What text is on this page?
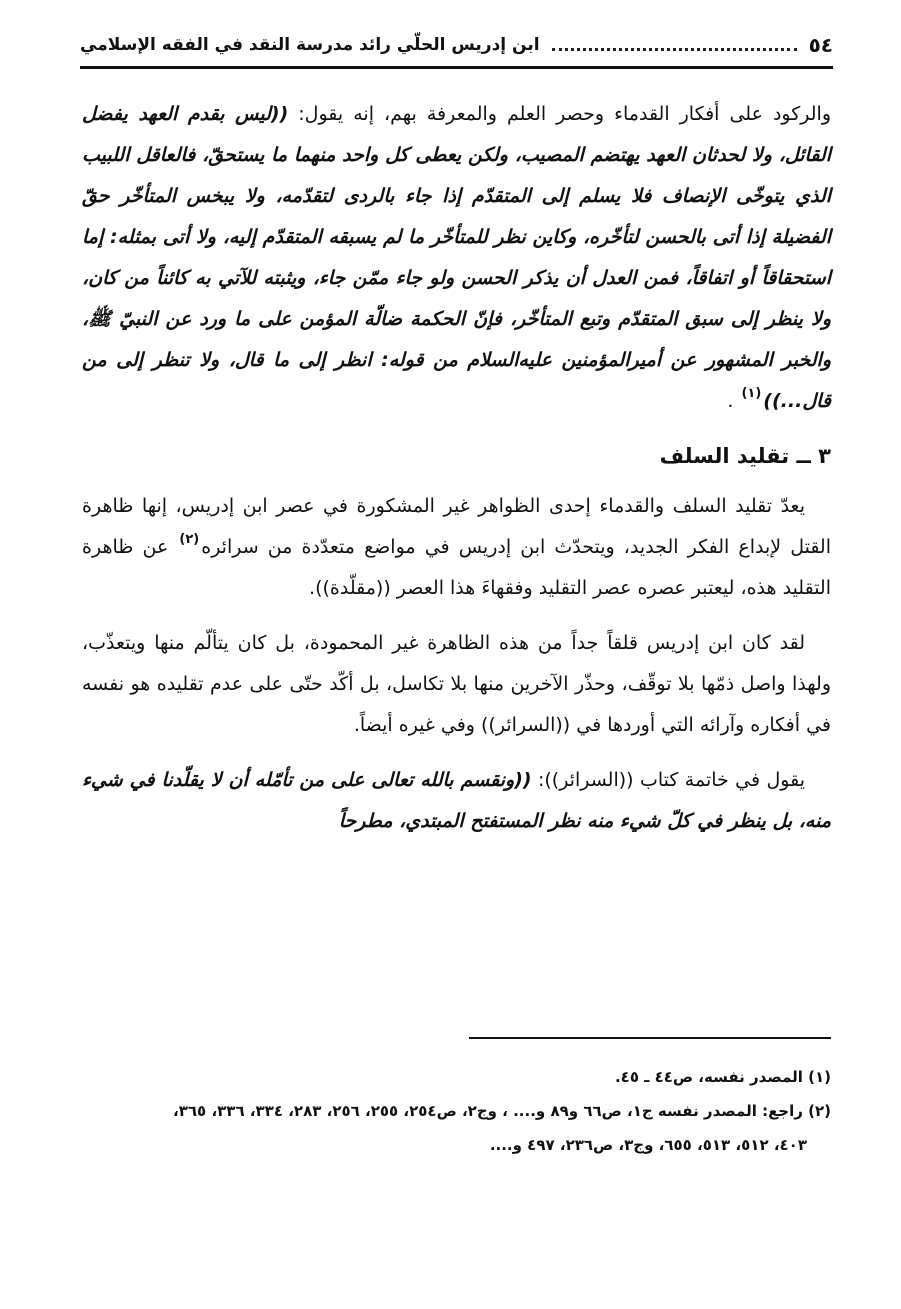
٥٤
ابن إدريس الحلّي رائد مدرسة النقد في الفقه الإسلامي

والركود على أفكار القدماء وحصر العلم والمعرفة بهم، إنه يقول: ((ليس بقدم العهد يفضل القائل، ولا لحدثان العهد يهتضم المصيب، ولكن يعطى كل واحد منهما ما يستحقّ، فالعاقل اللبيب الذي يتوخّى الإنصاف فلا يسلم إلى المتقدّم إذا جاء بالردى لتقدّمه، ولا يبخس المتأخّر حقّ الفضيلة إذا أتى بالحسن لتأخّره، وكاين نظر للمتأخّر ما لم يسبقه المتقدّم إليه، ولا أتى بمثله: إما استحقاقاً أو اتفاقاً، فمن العدل أن يذكر الحسن ولو جاء ممّن جاء، ويثبته للآتي به كائناً من كان، ولا ينظر إلى سبق المتقدّم وتبع المتأخّر، فإنّ الحكمة ضالّة المؤمن على ما ورد عن النبيّ ﷺ، والخبر المشهور عن أميرالمؤمنين عليه‌السلام من قوله: انظر إلى ما قال، ولا تنظر إلى من قال...))$^{(١)}$ .

٣ ــ تقليد السلف

يعدّ تقليد السلف والقدماء إحدى الظواهر غير المشكورة في عصر ابن إدريس، إنها ظاهرة القتل لإبداع الفكر الجديد، ويتحدّث ابن إدريس في مواضع متعدّدة من سرائره$^{(٢)}$ عن ظاهرة التقليد هذه، ليعتبر عصره عصر التقليد وفقهاءَ هذا العصر ((مقلّدة)).

لقد كان ابن إدريس قلقاً جداً من هذه الظاهرة غير المحمودة، بل كان يتألّم منها ويتعذّب، ولهذا واصل ذمّها بلا توقّف، وحذّر الآخرين منها بلا تكاسل، بل أكّد حتّى على عدم تقليده هو نفسه في أفكاره وآرائه التي أوردها في ((السرائر)) وفي غيره أيضاً.

يقول في خاتمة كتاب ((السرائر)): ((ونقسم بالله تعالى على من تأمّله أن لا يقلّدنا في شيء منه، بل ينظر في كلّ شيء منه نظر المستفتح المبتدي، مطرحاً

(١) المصدر نفسه، ص٤٤ ـ ٤٥.

(٢) راجع: المصدر نفسه ج١، ص٦٦ و٨٩ و.... ، وج٢، ص٢٥٤، ٢٥٥، ٢٥٦، ٢٨٣، ٣٣٤، ٣٣٦، ٣٦٥،

٤٠٣، ٥١٢، ٥١٣، ٦٥٥، وج٣، ص٢٣٦، ٤٩٧ و....
